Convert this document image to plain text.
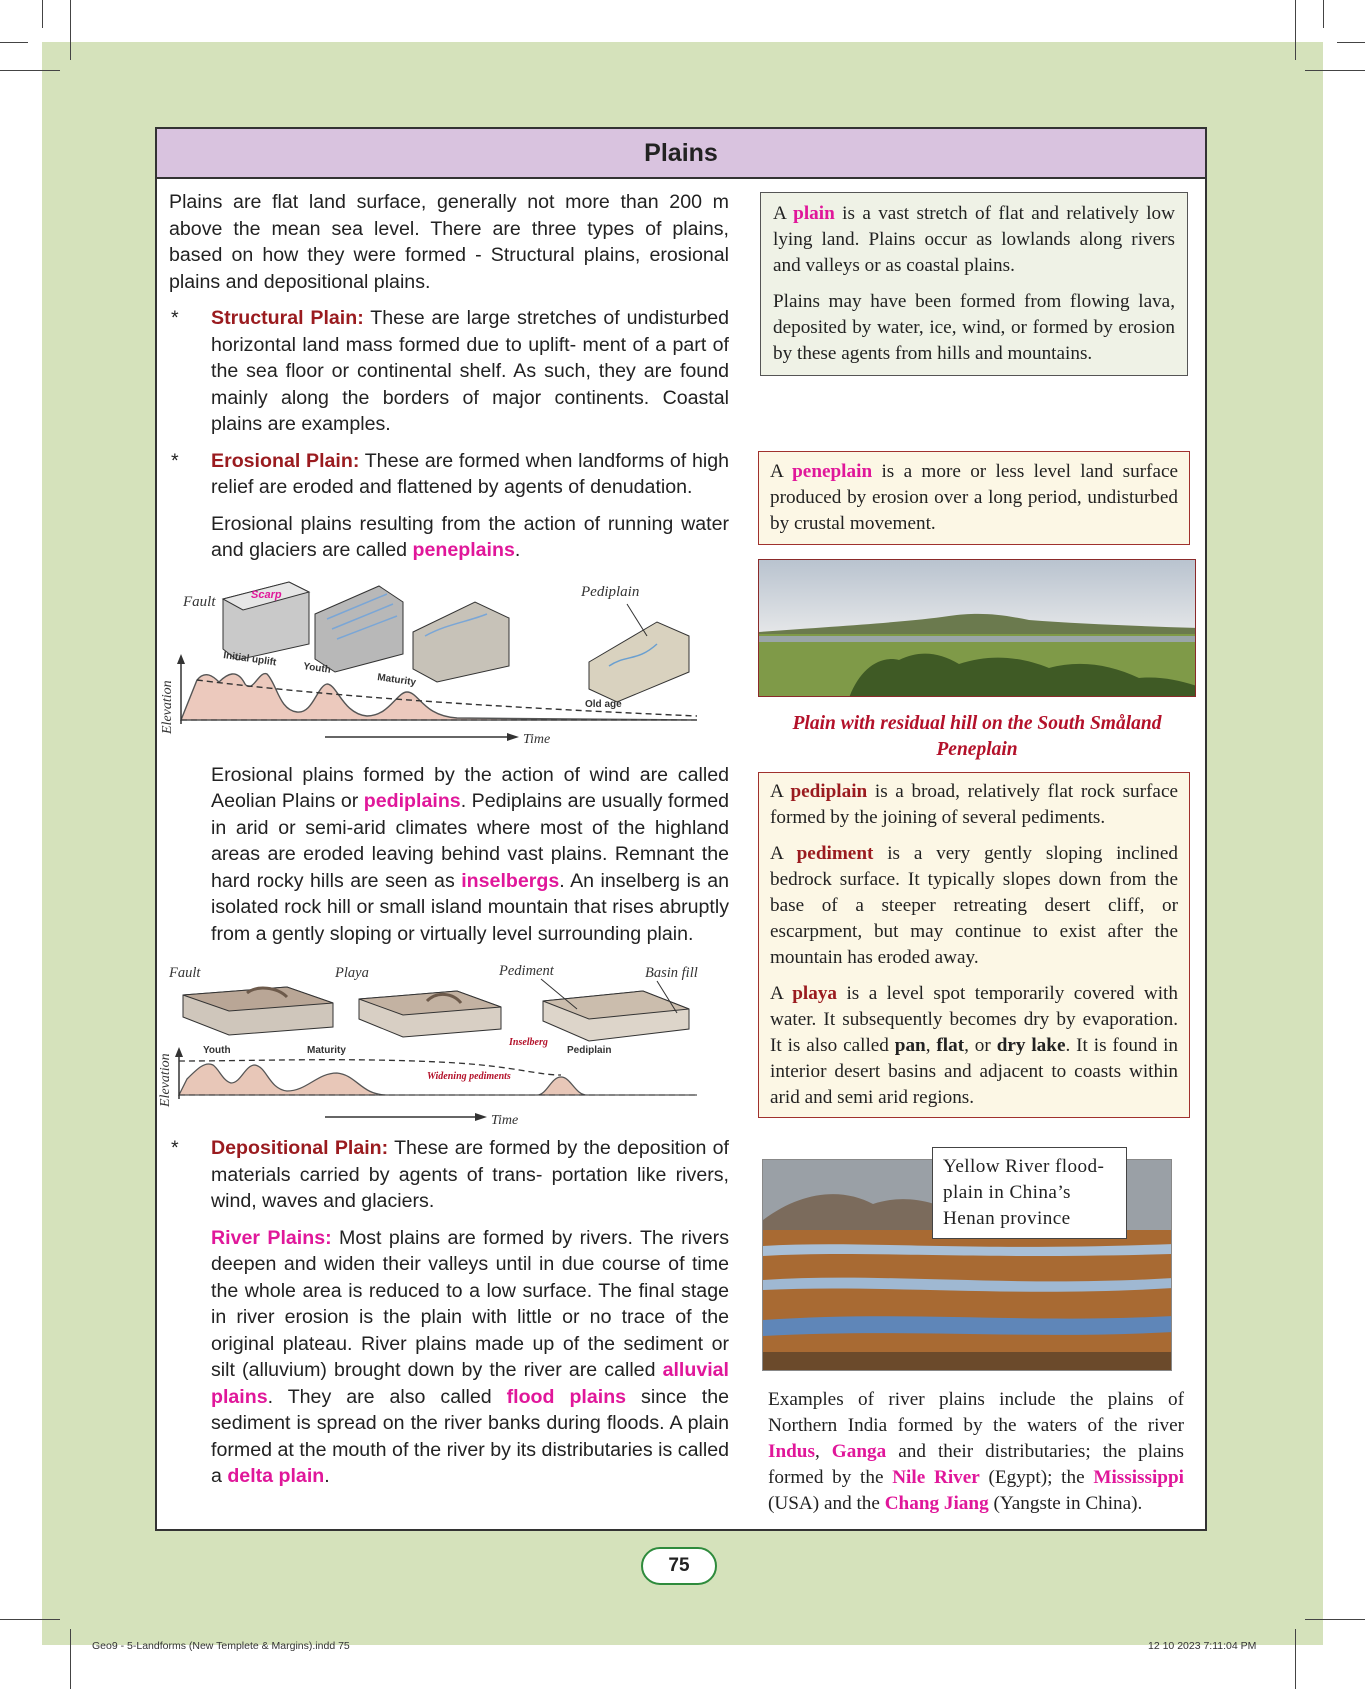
Plains

Plains are flat land surface, generally not more than 200 m above the mean sea level. There are three types of plains, based on how they were formed - Structural plains, erosional plains and depositional plains.

* Structural Plain: These are large stretches of undisturbed horizontal land mass formed due to uplift- ment of a part of the sea floor or continental shelf. As such, they are found mainly along the borders of major continents. Coastal plains are examples.
* Erosional Plain: These are formed when landforms of high relief are eroded and flattened by agents of denudation.

Erosional plains resulting from the action of running water and glaciers are called peneplains.

Fault
Pediplain
Elevation
Time
Scarp
Initial uplift
Youth
Maturity
Old age

Erosional plains formed by the action of wind are called Aeolian Plains or pediplains. Pediplains are usually formed in arid or semi-arid climates where most of the highland areas are eroded leaving behind vast plains. Remnant the hard rocky hills are seen as inselbergs. An inselberg is an isolated rock hill or small island mountain that rises abruptly from a gently sloping or virtually level surrounding plain.

Fault	Playa	Pediment	Basin fill
Elevation
Time
Youth	Maturity	Pediplain
Inselberg
Widening pediments
* Depositional Plain: These are formed by the deposition of materials carried by agents of trans- portation like rivers, wind, waves and glaciers.

River Plains: Most plains are formed by rivers. The rivers deepen and widen their valleys until in due course of time the whole area is reduced to a low surface. The final stage in river erosion is the plain with little or no trace of the original plateau. River plains made up of the sediment or silt (alluvium) brought down by the river are called alluvial plains. They are also called flood plains since the sediment is spread on the river banks during floods. A plain formed at the mouth of the river by its distributaries is called a delta plain.

A plain is a vast stretch of flat and relatively low lying land. Plains occur as lowlands along rivers and valleys or as coastal plains.

Plains may have been formed from flowing lava, deposited by water, ice, wind, or formed by erosion by these agents from hills and mountains.

A peneplain is a more or less level land surface produced by erosion over a long period, undisturbed by crustal movement.

Plain with residual hill on the South Småland Peneplain

A pediplain is a broad, relatively flat rock surface formed by the joining of several pediments.

A pediment is a very gently sloping inclined bedrock surface. It typically slopes down from the base of a steeper retreating desert cliff, or escarpment, but may continue to exist after the mountain has eroded away.

A playa is a level spot temporarily covered with water. It subsequently becomes dry by evaporation. It is also called pan, flat, or dry lake. It is found in interior desert basins and adjacent to coasts within arid and semi arid regions.

Yellow River flood- plain in China’s Henan province

Examples of river plains include the plains of Northern India formed by the waters of the river Indus, Ganga and their distributaries; the plains formed by the Nile River (Egypt); the Mississippi (USA) and the Chang Jiang (Yangste in China).

75
Geo9 - 5-Landforms (New Templete & Margins).indd 75	12 10 2023 7:11:04 PM
